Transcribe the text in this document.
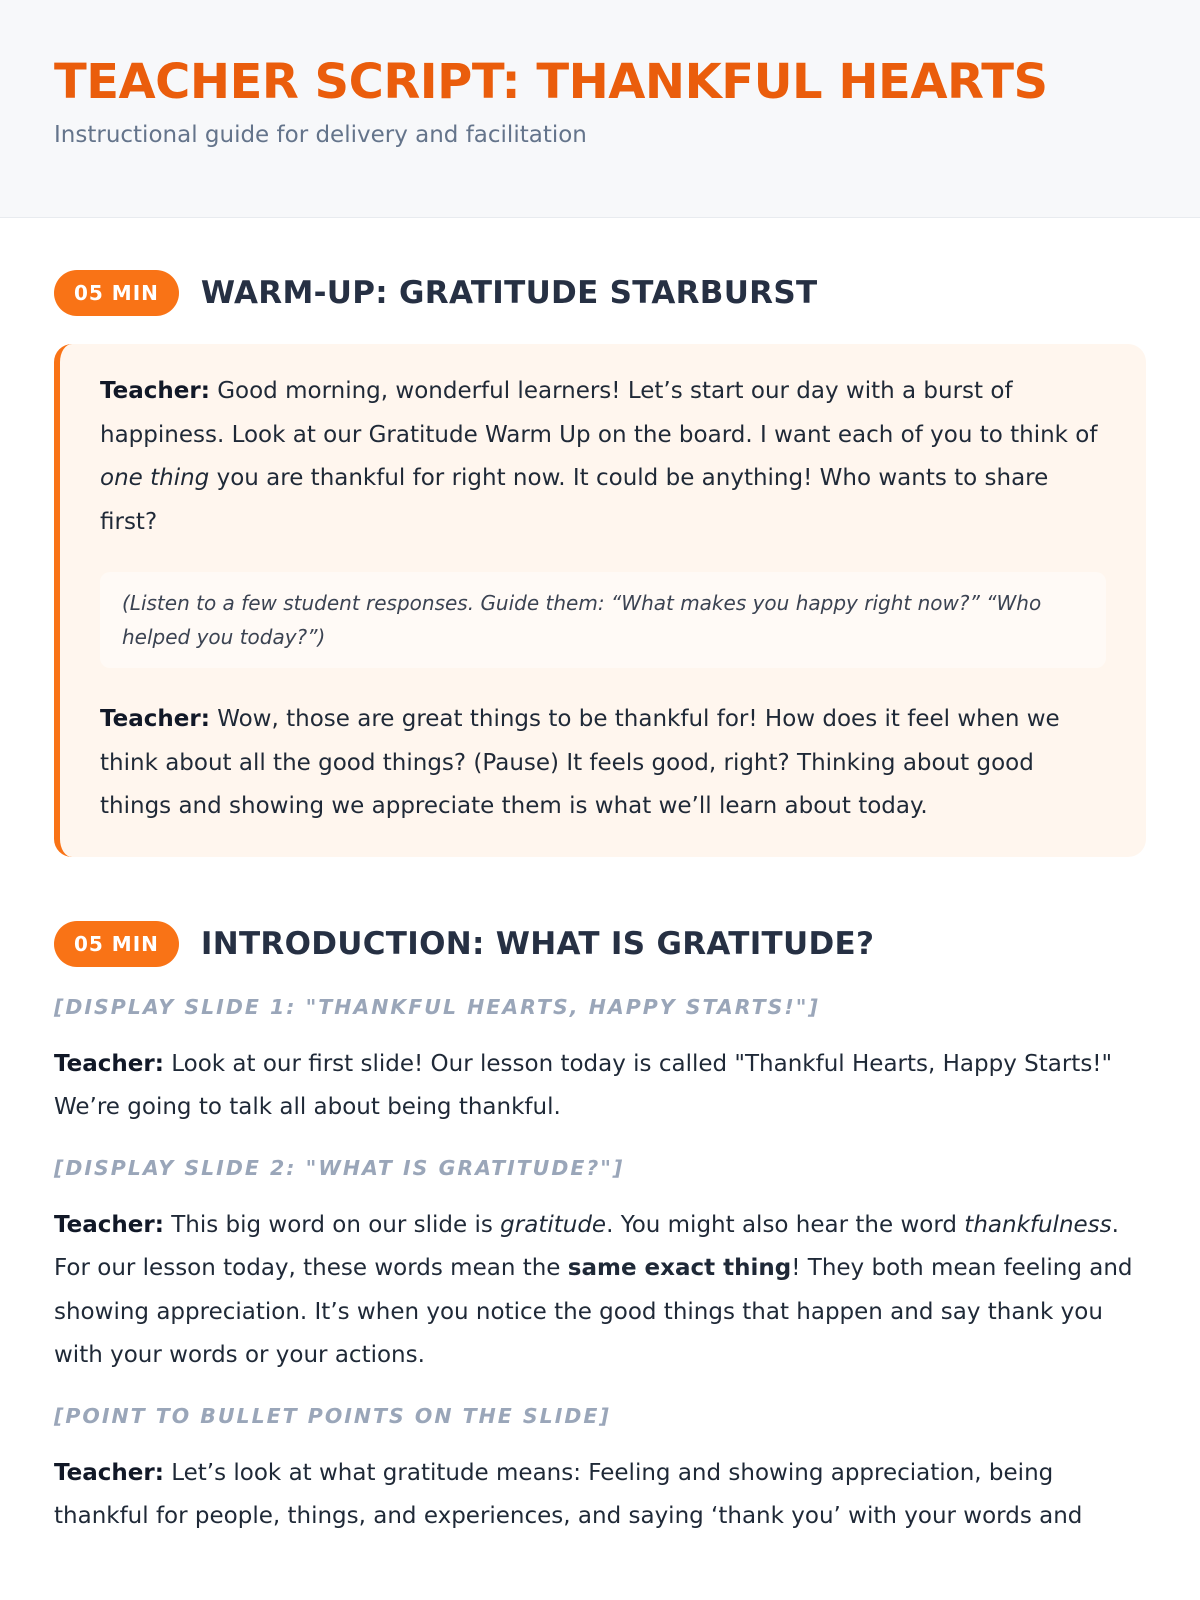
TEACHER SCRIPT: THANKFUL HEARTS
Instructional guide for delivery and facilitation
05 MIN	WARM-UP: GRATITUDE STARBURST

Teacher: Good morning, wonderful learners! Let’s start our day with a burst of happiness. Look at our Gratitude Warm Up on the board. I want each of you to think of one thing you are thankful for right now. It could be anything! Who wants to share first?

(Listen to a few student responses. Guide them: “What makes you happy right now?” “Who helped you today?”)

Teacher: Wow, those are great things to be thankful for! How does it feel when we think about all the good things? (Pause) It feels good, right? Thinking about good things and showing we appreciate them is what we’ll learn about today.

05 MIN	INTRODUCTION: WHAT IS GRATITUDE?
[DISPLAY SLIDE 1: "THANKFUL HEARTS, HAPPY STARTS!"]

Teacher: Look at our first slide! Our lesson today is called "Thankful Hearts, Happy Starts!" We’re going to talk all about being thankful.

[DISPLAY SLIDE 2: "WHAT IS GRATITUDE?"]

Teacher: This big word on our slide is gratitude. You might also hear the word thankfulness. For our lesson today, these words mean the same exact thing! They both mean feeling and showing appreciation. It’s when you notice the good things that happen and say thank you with your words or your actions.

[POINT TO BULLET POINTS ON THE SLIDE]

Teacher: Let’s look at what gratitude means: Feeling and showing appreciation, being thankful for people, things, and experiences, and saying ‘thank you’ with your words and
